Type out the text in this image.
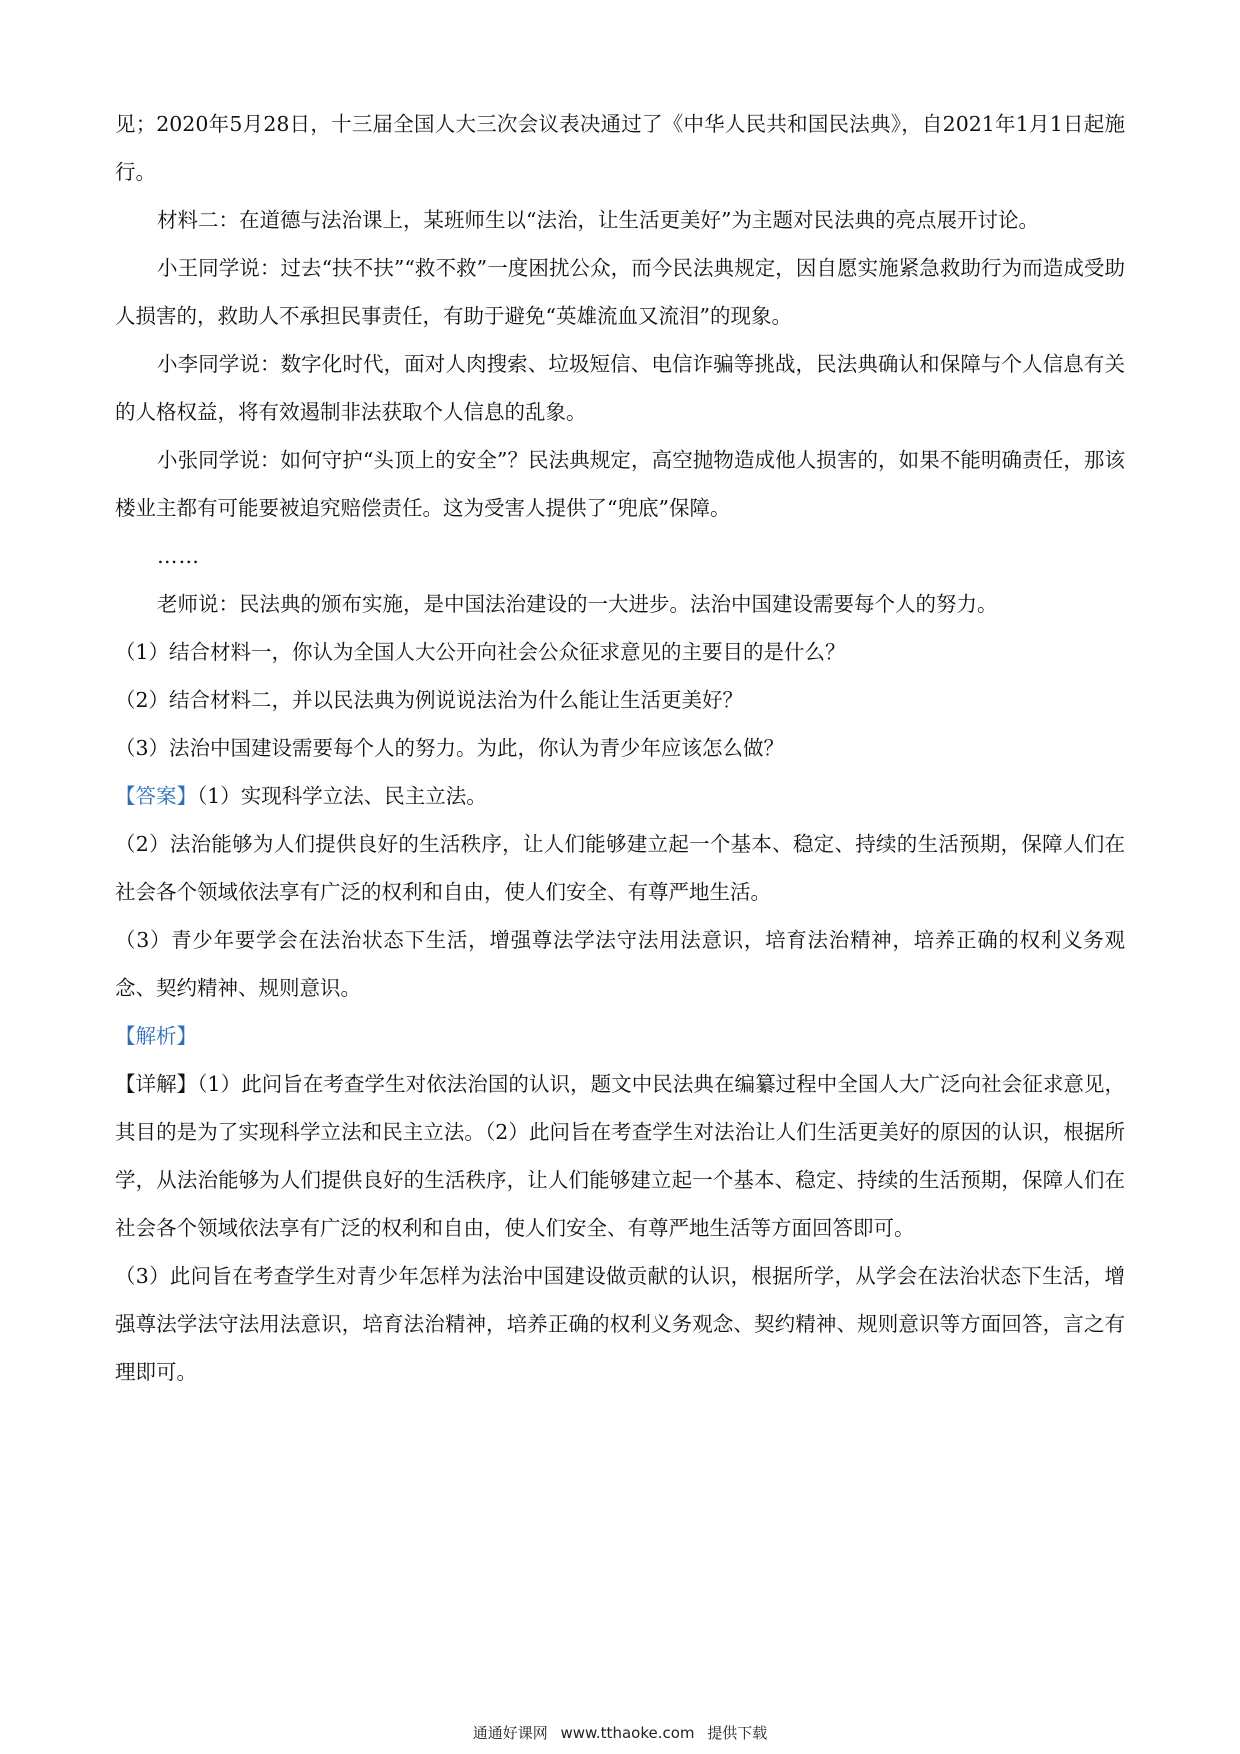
见；2020年5月28日，十三届全国人大三次会议表决通过了《中华人民共和国民法典》，自2021年1月1日起施行。

材料二：在道德与法治课上，某班师生以“法治，让生活更美好”为主题对民法典的亮点展开讨论。

小王同学说：过去“扶不扶”“救不救”一度困扰公众，而今民法典规定，因自愿实施紧急救助行为而造成受助人损害的，救助人不承担民事责任，有助于避免“英雄流血又流泪”的现象。

小李同学说：数字化时代，面对人肉搜索、垃圾短信、电信诈骗等挑战，民法典确认和保障与个人信息有关的人格权益，将有效遏制非法获取个人信息的乱象。

小张同学说：如何守护“头顶上的安全”？民法典规定，高空抛物造成他人损害的，如果不能明确责任，那该楼业主都有可能要被追究赔偿责任。这为受害人提供了“兜底”保障。

……

老师说：民法典的颁布实施，是中国法治建设的一大进步。法治中国建设需要每个人的努力。

（1）结合材料一，你认为全国人大公开向社会公众征求意见的主要目的是什么？

（2）结合材料二，并以民法典为例说说法治为什么能让生活更美好？

（3）法治中国建设需要每个人的努力。为此，你认为青少年应该怎么做？

【答案】（1）实现科学立法、民主立法。

（2）法治能够为人们提供良好的生活秩序，让人们能够建立起一个基本、稳定、持续的生活预期，保障人们在社会各个领域依法享有广泛的权利和自由，使人们安全、有尊严地生活。

（3）青少年要学会在法治状态下生活，增强尊法学法守法用法意识，培育法治精神，培养正确的权利义务观念、契约精神、规则意识。

【解析】

【详解】（1）此问旨在考查学生对依法治国的认识，题文中民法典在编纂过程中全国人大广泛向社会征求意见，其目的是为了实现科学立法和民主立法。（2）此问旨在考查学生对法治让人们生活更美好的原因的认识，根据所学，从法治能够为人们提供良好的生活秩序，让人们能够建立起一个基本、稳定、持续的生活预期，保障人们在社会各个领域依法享有广泛的权利和自由，使人们安全、有尊严地生活等方面回答即可。

（3）此问旨在考查学生对青少年怎样为法治中国建设做贡献的认识，根据所学，从学会在法治状态下生活，增强尊法学法守法用法意识，培育法治精神，培养正确的权利义务观念、契约精神、规则意识等方面回答，言之有理即可。

通通好课网 www.tthaoke.com 提供下载
